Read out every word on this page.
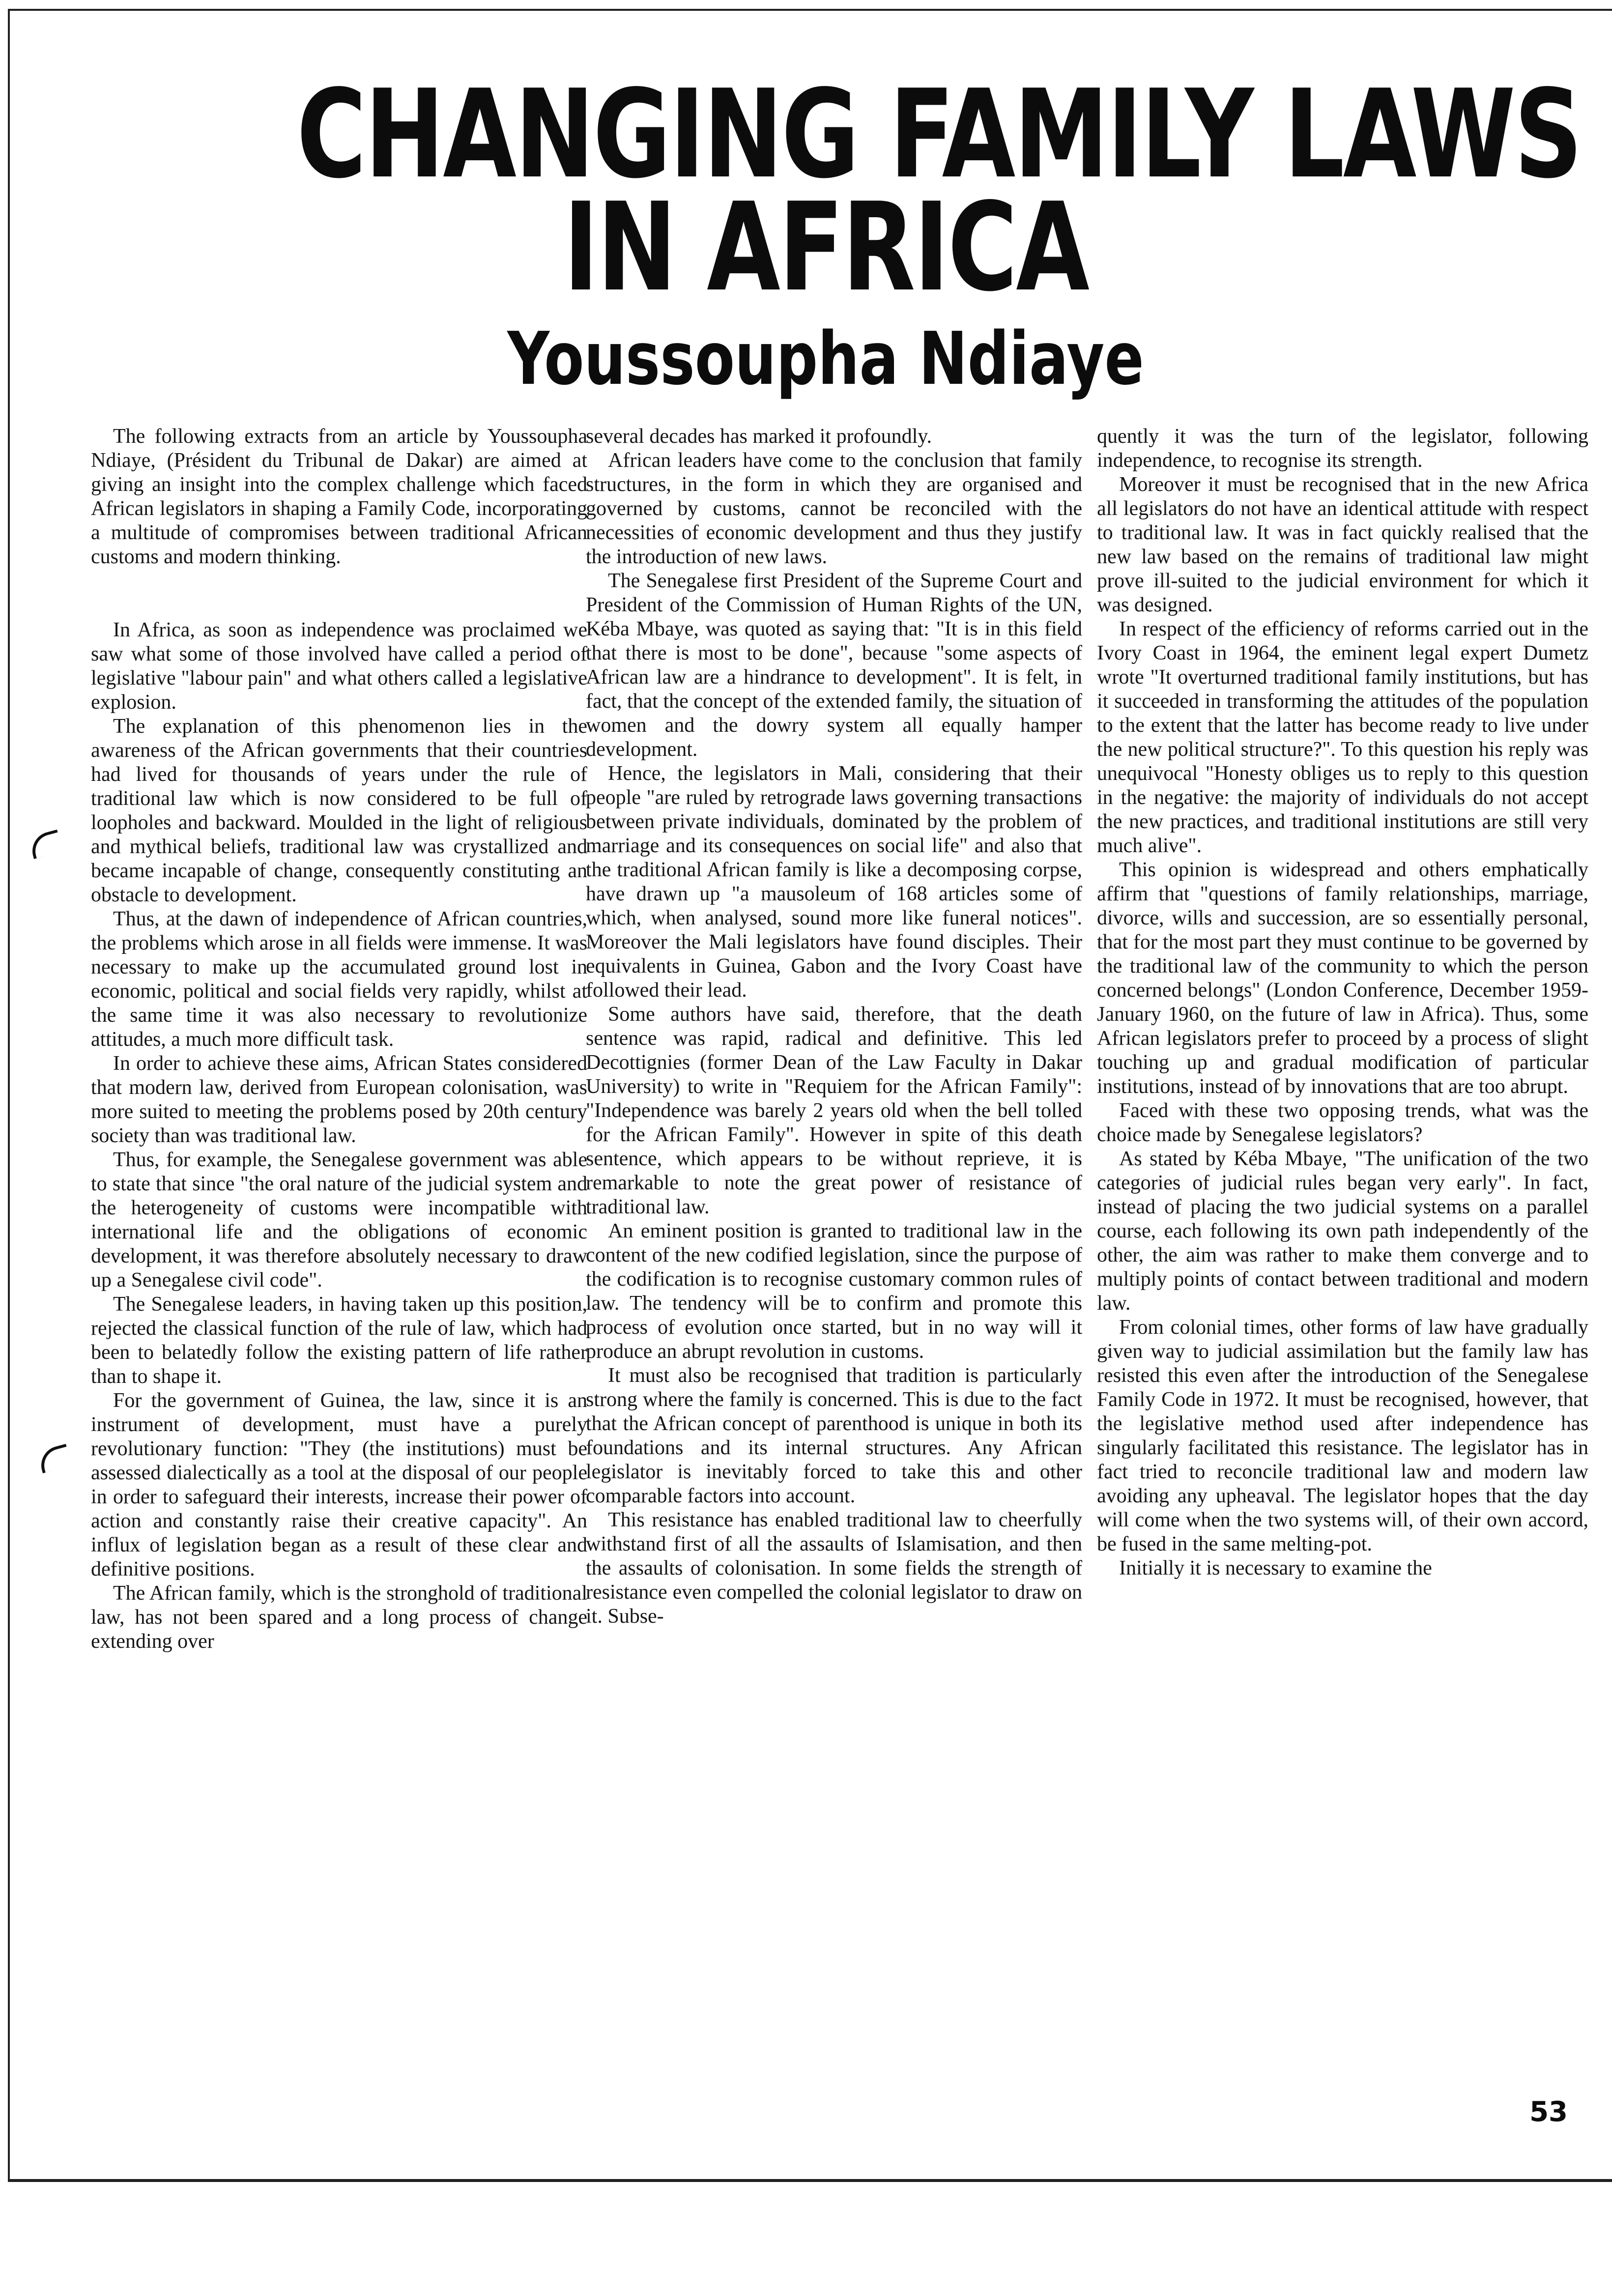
CHANGING FAMILY LAWS
IN AFRICA
Youssoupha Ndiaye

The following extracts from an article by Youssoupha Ndiaye, (Président du Tribunal de Dakar) are aimed at giving an insight into the complex challenge which faced African legislators in shaping a Family Code, incorporating a multitude of compromises between traditional African customs and modern thinking.

In Africa, as soon as independence was proclaimed we saw what some of those involved have called a period of legislative "labour pain" and what others called a legislative explosion.

The explanation of this phenomenon lies in the awareness of the African governments that their countries had lived for thousands of years under the rule of traditional law which is now considered to be full of loopholes and backward. Moulded in the light of religious and mythical beliefs, traditional law was crystallized and became incapable of change, consequently constituting an obstacle to development.

Thus, at the dawn of independence of African countries, the problems which arose in all fields were immense. It was necessary to make up the accumulated ground lost in economic, political and social fields very rapidly, whilst at the same time it was also necessary to revolutionize attitudes, a much more difficult task.

In order to achieve these aims, African States considered that modern law, derived from European colonisation, was more suited to meeting the problems posed by 20th century society than was traditional law.

Thus, for example, the Senegalese government was able to state that since "the oral nature of the judicial system and the heterogeneity of customs were incompatible with international life and the obligations of economic development, it was therefore absolutely necessary to draw up a Senegalese civil code".

The Senegalese leaders, in having taken up this position, rejected the classical function of the rule of law, which had been to belatedly follow the existing pattern of life rather than to shape it.

For the government of Guinea, the law, since it is an instrument of development, must have a purely revolutionary function: "They (the institutions) must be assessed dialectically as a tool at the disposal of our people in order to safeguard their interests, increase their power of action and constantly raise their creative capacity". An influx of legislation began as a result of these clear and definitive positions.

The African family, which is the stronghold of traditional law, has not been spared and a long process of change extending over

several decades has marked it profoundly.

African leaders have come to the conclusion that family structures, in the form in which they are organised and governed by customs, cannot be reconciled with the necessities of economic development and thus they justify the introduction of new laws.

The Senegalese first President of the Supreme Court and President of the Commission of Human Rights of the UN, Kéba Mbaye, was quoted as saying that: "It is in this field that there is most to be done", because "some aspects of African law are a hindrance to development". It is felt, in fact, that the concept of the extended family, the situation of women and the dowry system all equally hamper development.

Hence, the legislators in Mali, considering that their people "are ruled by retrograde laws governing transactions between private individuals, dominated by the problem of marriage and its consequences on social life" and also that the traditional African family is like a decomposing corpse, have drawn up "a mausoleum of 168 articles some of which, when analysed, sound more like funeral notices". Moreover the Mali legislators have found disciples. Their equivalents in Guinea, Gabon and the Ivory Coast have followed their lead.

Some authors have said, therefore, that the death sentence was rapid, radical and definitive. This led Decottignies (former Dean of the Law Faculty in Dakar University) to write in "Requiem for the African Family": "Independence was barely 2 years old when the bell tolled for the African Family". However in spite of this death sentence, which appears to be without reprieve, it is remarkable to note the great power of resistance of traditional law.

An eminent position is granted to traditional law in the content of the new codified legislation, since the purpose of the codification is to recognise customary common rules of law. The tendency will be to confirm and promote this process of evolution once started, but in no way will it produce an abrupt revolution in customs.

It must also be recognised that tradition is particularly strong where the family is concerned. This is due to the fact that the African concept of parenthood is unique in both its foundations and its internal structures. Any African legislator is inevitably forced to take this and other comparable factors into account.

This resistance has enabled traditional law to cheerfully withstand first of all the assaults of Islamisation, and then the assaults of colonisation. In some fields the strength of resistance even compelled the colonial legislator to draw on it. Subse-

quently it was the turn of the legislator, following independence, to recognise its strength.

Moreover it must be recognised that in the new Africa all legislators do not have an identical attitude with respect to traditional law. It was in fact quickly realised that the new law based on the remains of traditional law might prove ill-suited to the judicial environment for which it was designed.

In respect of the efficiency of reforms carried out in the Ivory Coast in 1964, the eminent legal expert Dumetz wrote "It overturned traditional family institutions, but has it succeeded in transforming the attitudes of the population to the extent that the latter has become ready to live under the new political structure?". To this question his reply was unequivocal "Honesty obliges us to reply to this question in the negative: the majority of individuals do not accept the new practices, and traditional institutions are still very much alive".

This opinion is widespread and others emphatically affirm that "questions of family relationships, marriage, divorce, wills and succession, are so essentially personal, that for the most part they must continue to be governed by the traditional law of the community to which the person concerned belongs" (London Conference, December 1959-January 1960, on the future of law in Africa). Thus, some African legislators prefer to proceed by a process of slight touching up and gradual modification of particular institutions, instead of by innovations that are too abrupt.

Faced with these two opposing trends, what was the choice made by Senegalese legislators?

As stated by Kéba Mbaye, "The unification of the two categories of judicial rules began very early". In fact, instead of placing the two judicial systems on a parallel course, each following its own path independently of the other, the aim was rather to make them converge and to multiply points of contact between traditional and modern law.

From colonial times, other forms of law have gradually given way to judicial assimilation but the family law has resisted this even after the introduction of the Senegalese Family Code in 1972. It must be recognised, however, that the legislative method used after independence has singularly facilitated this resistance. The legislator has in fact tried to reconcile traditional law and modern law avoiding any upheaval. The legislator hopes that the day will come when the two systems will, of their own accord, be fused in the same melting-pot.

Initially it is necessary to examine the

53
